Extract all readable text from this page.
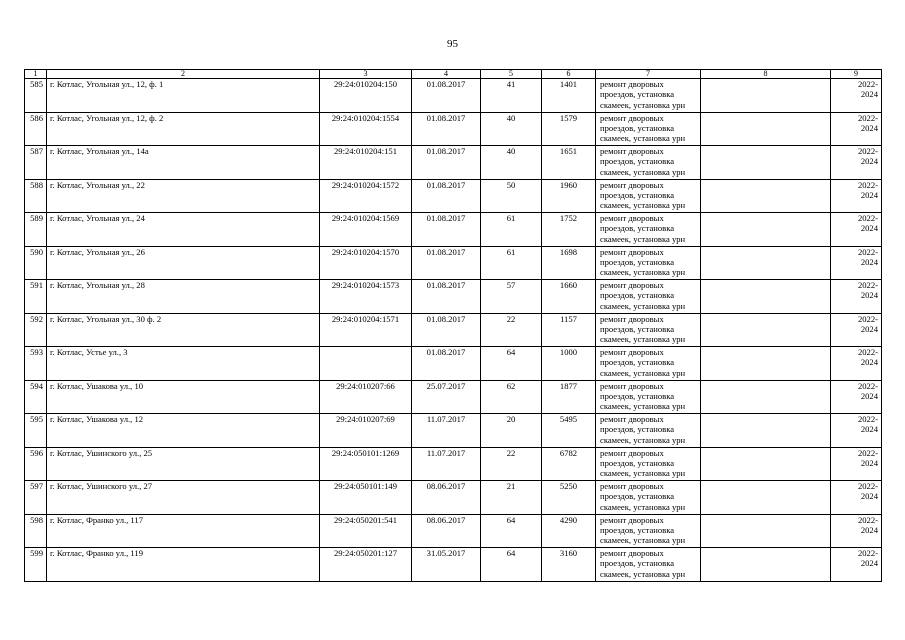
95
1	2	3	4	5	6	7	8	9
585	г. Котлас, Угольная ул., 12, ф. 1	29:24:010204:150	01.08.2017	41	1401	ремонт дворовых проездов, установка скамеек, установка урн		2022-
2024
586	г. Котлас, Угольная ул., 12, ф. 2	29:24:010204:1554	01.08.2017	40	1579	ремонт дворовых проездов, установка скамеек, установка урн		2022-
2024
587	г. Котлас, Угольная ул., 14а	29:24:010204:151	01.08.2017	40	1651	ремонт дворовых проездов, установка скамеек, установка урн		2022-
2024
588	г. Котлас, Угольная ул., 22	29:24:010204:1572	01.08.2017	50	1960	ремонт дворовых проездов, установка скамеек, установка урн		2022-
2024
589	г. Котлас, Угольная ул., 24	29:24:010204:1569	01.08.2017	61	1752	ремонт дворовых проездов, установка скамеек, установка урн		2022-
2024
590	г. Котлас, Угольная ул., 26	29:24:010204:1570	01.08.2017	61	1698	ремонт дворовых проездов, установка скамеек, установка урн		2022-
2024
591	г. Котлас, Угольная ул., 28	29:24:010204:1573	01.08.2017	57	1660	ремонт дворовых проездов, установка скамеек, установка урн		2022-
2024
592	г. Котлас, Угольная ул., 30 ф. 2	29:24:010204:1571	01.08.2017	22	1157	ремонт дворовых проездов, установка скамеек, установка урн		2022-
2024
593	г. Котлас, Устье ул., 3		01.08.2017	64	1000	ремонт дворовых проездов, установка скамеек, установка урн		2022-
2024
594	г. Котлас, Ушакова ул., 10	29:24:010207:66	25.07.2017	62	1877	ремонт дворовых проездов, установка скамеек, установка урн		2022-
2024
595	г. Котлас, Ушакова ул., 12	29:24:010207:69	11.07.2017	20	5495	ремонт дворовых проездов, установка скамеек, установка урн		2022-
2024
596	г. Котлас, Ушинского ул., 25	29:24:050101:1269	11.07.2017	22	6782	ремонт дворовых проездов, установка скамеек, установка урн		2022-
2024
597	г. Котлас, Ушинского ул., 27	29:24:050101:149	08.06.2017	21	5250	ремонт дворовых проездов, установка скамеек, установка урн		2022-
2024
598	г. Котлас, Франко ул., 117	29:24:050201:541	08.06.2017	64	4290	ремонт дворовых проездов, установка скамеек, установка урн		2022-
2024
599	г. Котлас, Франко ул., 119	29:24:050201:127	31.05.2017	64	3160	ремонт дворовых проездов, установка скамеек, установка урн		2022-
2024
